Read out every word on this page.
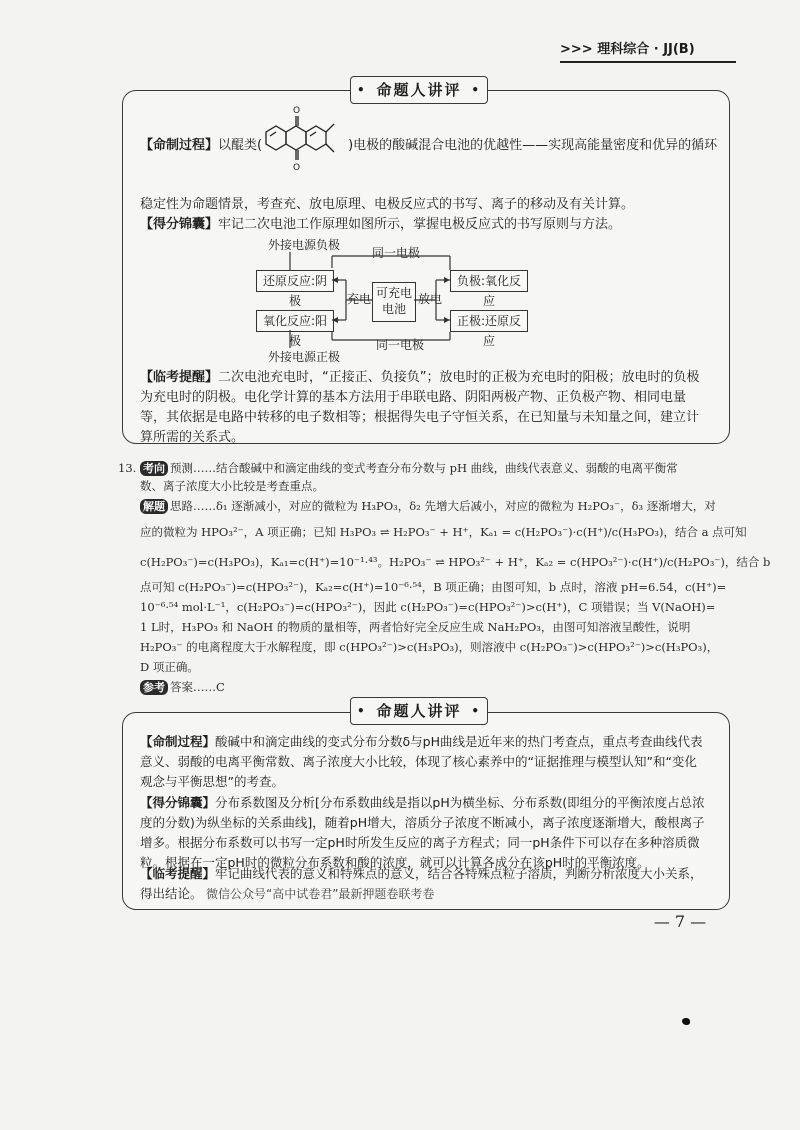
>>> 理科综合 · JJ(B)
• 命题人讲评 •
【命制过程】以醌类(	)电极的酸碱混合电池的优越性——实现高能量密度和优异的循环
O
O
稳定性为命题情景，考查充、放电原理、电极反应式的书写、离子的移动及有关计算。
【得分锦囊】牢记二次电池工作原理如图所示，掌握电极反应式的书写原则与方法。
外接电源负极
同一电极
还原反应:阴极
氧化反应:阳极
充电 可充电电池
放电
负极:氧化反应
正极:还原反应
同一电极
外接电源正极
【临考提醒】二次电池充电时，“正接正、负接负”；放电时的正极为充电时的阳极；放电时的负极为充电时的阴极。电化学计算的基本方法用于串联电路、阴阳两极产物、正负极产物、相同电量等，其依据是电路中转移的电子数相等；根据得失电子守恒关系，在已知量与未知量之间，建立计算所需的关系式。
13. 考向 预测……结合酸碱中和滴定曲线的变式考查分布分数与 pH 曲线，曲线代表意义、弱酸的电离平衡常
数、离子浓度大小比较是考查重点。
解题 思路……δ₁ 逐渐减小，对应的微粒为 H₃PO₃，δ₂ 先增大后减小，对应的微粒为 H₂PO₃⁻，δ₃ 逐渐增大，对
应的微粒为 HPO₃²⁻，A 项正确；已知 H₃PO₃ ⇌ H₂PO₃⁻ + H⁺，Kₐ₁ = c(H₂PO₃⁻)·c(H⁺)/c(H₃PO₃)，结合 a 点可知
c(H₂PO₃⁻)=c(H₃PO₃)，Kₐ₁=c(H⁺)=10⁻¹·⁴³。H₂PO₃⁻ ⇌ HPO₃²⁻ + H⁺，Kₐ₂ = c(HPO₃²⁻)·c(H⁺)/c(H₂PO₃⁻)，结合 b
点可知 c(H₂PO₃⁻)=c(HPO₃²⁻)，Kₐ₂=c(H⁺)=10⁻⁶·⁵⁴，B 项正确；由图可知，b 点时，溶液 pH=6.54，c(H⁺)=
10⁻⁶·⁵⁴ mol·L⁻¹，c(H₂PO₃⁻)=c(HPO₃²⁻)，因此 c(H₂PO₃⁻)=c(HPO₃²⁻)>c(H⁺)，C 项错误；当 V(NaOH)=
1 L时，H₃PO₃ 和 NaOH 的物质的量相等，两者恰好完全反应生成 NaH₂PO₃，由图可知溶液呈酸性，说明
H₂PO₃⁻ 的电离程度大于水解程度，即 c(HPO₃²⁻)>c(H₃PO₃)，则溶液中 c(H₂PO₃⁻)>c(HPO₃²⁻)>c(H₃PO₃)，
D 项正确。
参考 答案……C
• 命题人讲评 •
【命制过程】酸碱中和滴定曲线的变式分布分数δ与pH曲线是近年来的热门考查点，重点考查曲线代表意义、弱酸的电离平衡常数、离子浓度大小比较，体现了核心素养中的“证据推理与模型认知”和“变化观念与平衡思想”的考查。
【得分锦囊】分布系数图及分析[分布系数曲线是指以pH为横坐标、分布系数(即组分的平衡浓度占总浓度的分数)为纵坐标的关系曲线]，随着pH增大，溶质分子浓度不断减小，离子浓度逐渐增大，酸根离子增多。根据分布系数可以书写一定pH时所发生反应的离子方程式；同一pH条件下可以存在多种溶质微粒。根据在一定pH时的微粒分布系数和酸的浓度，就可以计算各成分在该pH时的平衡浓度。
【临考提醒】牢记曲线代表的意义和特殊点的意义，结合各特殊点粒子溶质，判断分析浓度大小关系，得出结论。 微信公众号“高中试卷君”最新押题卷联考卷
— 7 —
